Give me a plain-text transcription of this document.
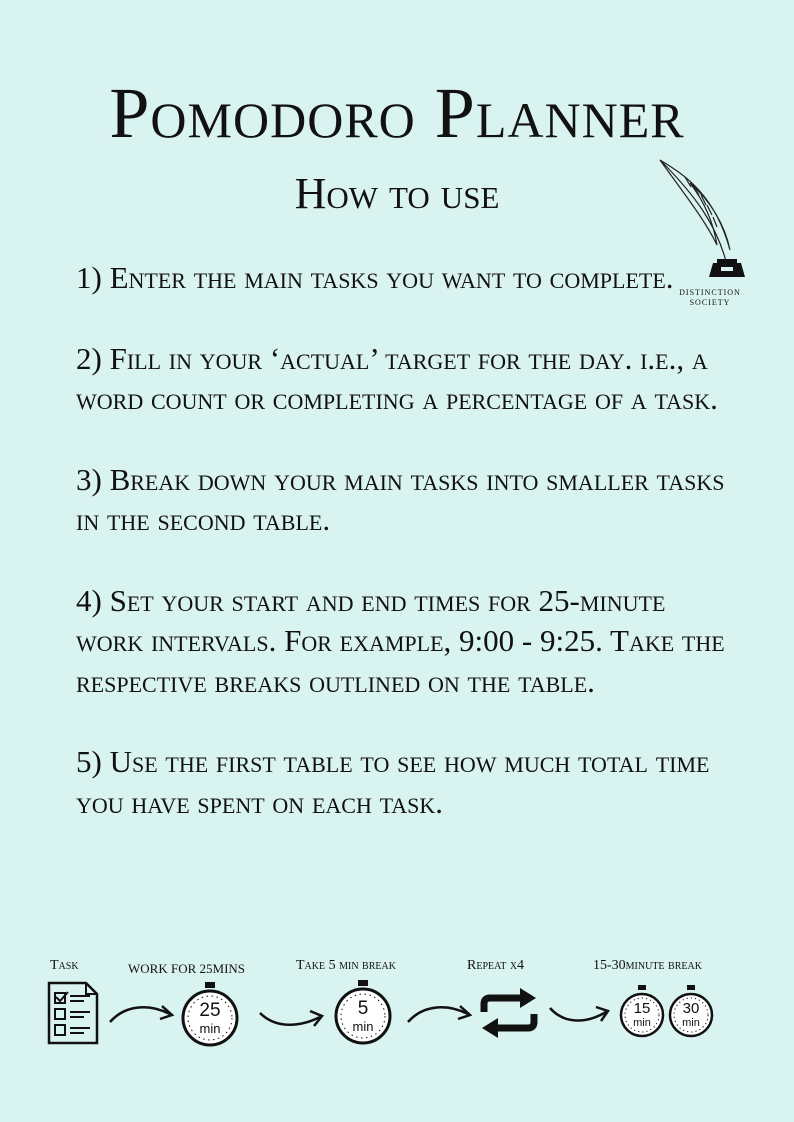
Pomodoro Planner
How to use
DISTINCTION
SOCIETY

1) Enter the main tasks you want to complete.

2) Fill in your ‘actual’ target for the day. i.e., a word count or completing a percentage of a task.

3) Break down your main tasks into smaller tasks in the second table.

4) Set your start and end times for 25-minute work intervals. For example, 9:00 - 9:25. Take the respective breaks outlined on the table.

5) Use the first table to see how much total time you have spent on each task.

Task	WORK FOR 25MINS	Take 5 min break	Repeat x4	15-30minute break
25
min
5
min
15
min
30
min
